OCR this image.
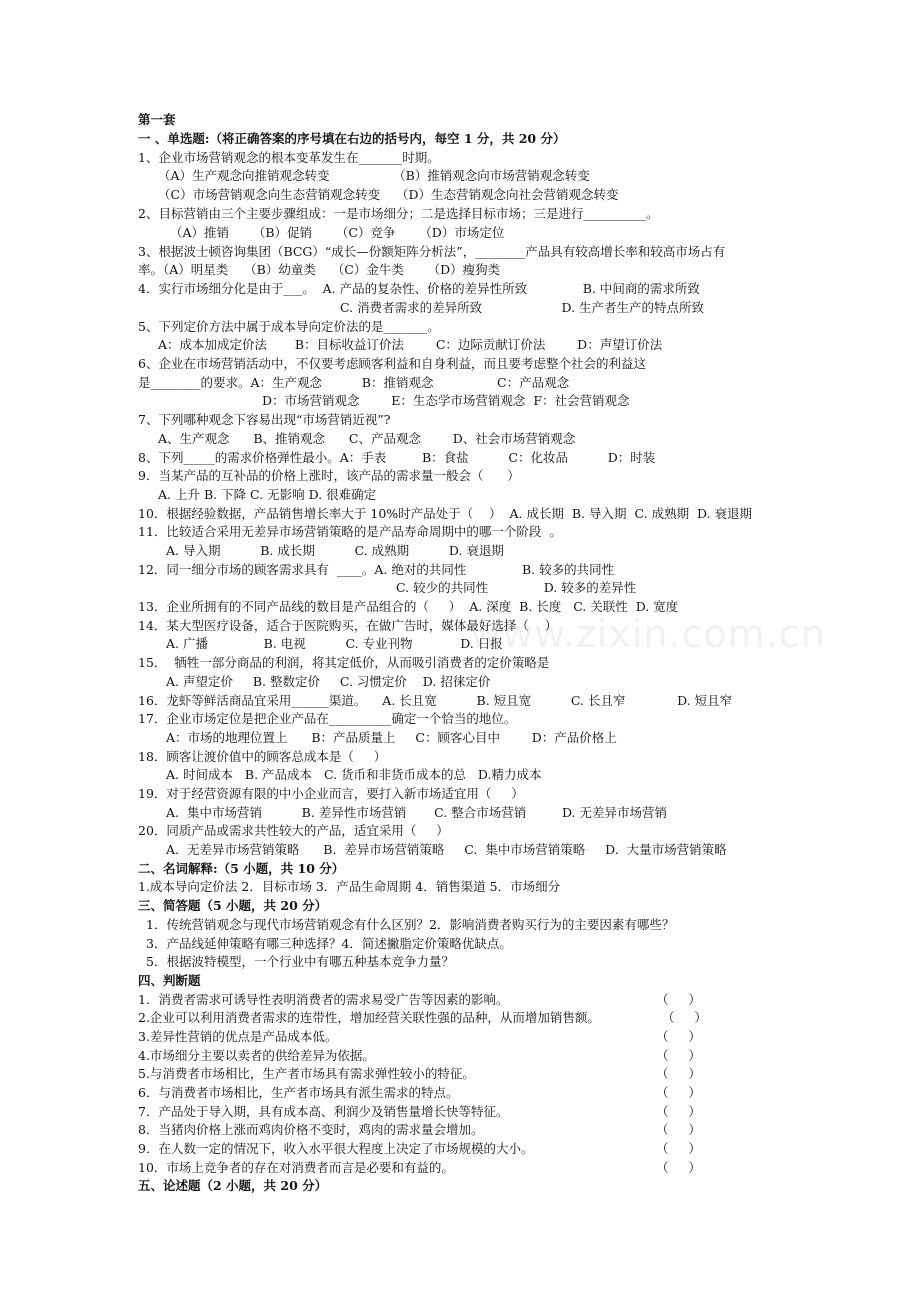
www.zixin.com.cn
第一套
一 、单选题:（将正确答案的序号填在右边的括号内，每空 1 分，共 20 分）
1、企业市场营销观念的根本变革发生在_______时期。
（A）生产观念向推销观念转变                （B）推销观念向市场营销观念转变
（C）市场营销观念向生态营销观念转变    （D）生态营销观念向社会营销观念转变
2、目标营销由三个主要步骤组成：一是市场细分；二是选择目标市场；三是进行__________。
（A）推销      （B）促销      （C）竞争      （D）市场定位
3、根据波士顿咨询集团（BCG）“成长—份额矩阵分析法”，________产品具有较高增长率和较高市场占有
率。（A）明星类    （B）幼童类    （C）金牛类      （D）瘦狗类
4．实行市场细分化是由于___。  A. 产品的复杂性、价格的差异性所致              B. 中间商的需求所致
C. 消费者需求的差异所致                    D. 生产者生产的特点所致
5、下列定价方法中属于成本导向定价法的是_______。
A：成本加成定价法       B：目标收益订价法        C：边际贡献订价法        D：声望订价法
6、企业在市场营销活动中，不仅要考虑顾客利益和自身利益，而且要考虑整个社会的利益这
是________的要求。A：生产观念          B：推销观念                C：产品观念
D：市场营销观念        E：生态学市场营销观念  F：社会营销观念
7、下列哪种观念下容易出现“市场营销近视”?
A、生产观念      B、推销观念      C、产品观念        D、社会市场营销观念
8、下列_____的需求价格弹性最小。A：手表         B：食盐          C：化妆品          D：时装
9．当某产品的互补品的价格上涨时，该产品的需求量一般会（      ）
A. 上升 B. 下降 C. 无影响 D. 很难确定
10．根据经验数据，产品销售增长率大于 10%时产品处于（    ）  A. 成长期  B. 导入期  C. 成熟期  D. 衰退期
11．比较适合采用无差异市场营销策略的是产品寿命周期中的哪一个阶段  。
A. 导入期          B. 成长期          C. 成熟期          D. 衰退期
12．同一细分市场的顾客需求具有  ____。A. 绝对的共同性              B. 较多的共同性
C. 较少的共同性              D. 较多的差异性
13．企业所拥有的不同产品线的数目是产品组合的（     ）  A. 深度  B. 长度   C. 关联性  D. 宽度
14．某大型医疗设备，适合于医院购买，在做广告时，媒体最好选择（    ）
A. 广播              B. 电视          C. 专业刊物            D. 日报
15．  牺牲一部分商品的利润，将其定低价，从而吸引消费者的定价策略是
A. 声望定价     B. 整数定价     C. 习惯定价    D. 招徕定价
16．龙虾等鲜活商品宜采用______渠道。    A. 长且宽          B. 短且宽          C. 长且窄             D. 短且窄
17．企业市场定位是把企业产品在__________确定一个恰当的地位。
A：市场的地理位置上      B：产品质量上     C：顾客心目中        D：产品价格上
18．顾客让渡价值中的顾客总成本是（     ）
A. 时间成本   B. 产品成本   C. 货币和非货币成本的总   D.精力成本
19．对于经营资源有限的中小企业而言，要打入新市场适宜用（     ）
A.  集中市场营销          B. 差异性市场营销       C. 整合市场营销         D. 无差异市场营销
20．同质产品或需求共性较大的产品，适宜采用（     ）
A.  无差异市场营销策略      B.  差异市场营销策略     C.  集中市场营销策略     D.  大量市场营销策略
二、名词解释:（5 小题，共 10 分）
1.成本导向定价法 2．目标市场 3．产品生命周期 4．销售渠道 5．市场细分
三、简答题（5 小题，共 20 分）
1．传统营销观念与现代市场营销观念有什么区别？2．影响消费者购买行为的主要因素有哪些？
3．产品线延伸策略有哪三种选择？4．简述撇脂定价策略优缺点。
5．根据波特模型，一个行业中有哪五种基本竞争力量？
四、判断题
1．消费者需求可诱导性表明消费者的需求易受广告等因素的影响。
2.企业可以利用消费者需求的连带性，增加经营关联性强的品种，从而增加销售额。
3.差异性营销的优点是产品成本低。
4.市场细分主要以卖者的供给差异为依据。
5.与消费者市场相比，生产者市场具有需求弹性较小的特征。
6．与消费者市场相比，生产者市场具有派生需求的特点。
7．产品处于导入期，具有成本高、利润少及销售量增长快等特征。
8．当猪肉价格上涨而鸡肉价格不变时，鸡肉的需求量会增加。
9．在人数一定的情况下，收入水平很大程度上决定了市场规模的大小。
10．市场上竞争者的存在对消费者而言是必要和有益的。
五、论述题（2 小题，共 20 分）
（     ）
（     ）
（     ）
（     ）
（     ）
（     ）
（     ）
（     ）
（     ）
（     ）
